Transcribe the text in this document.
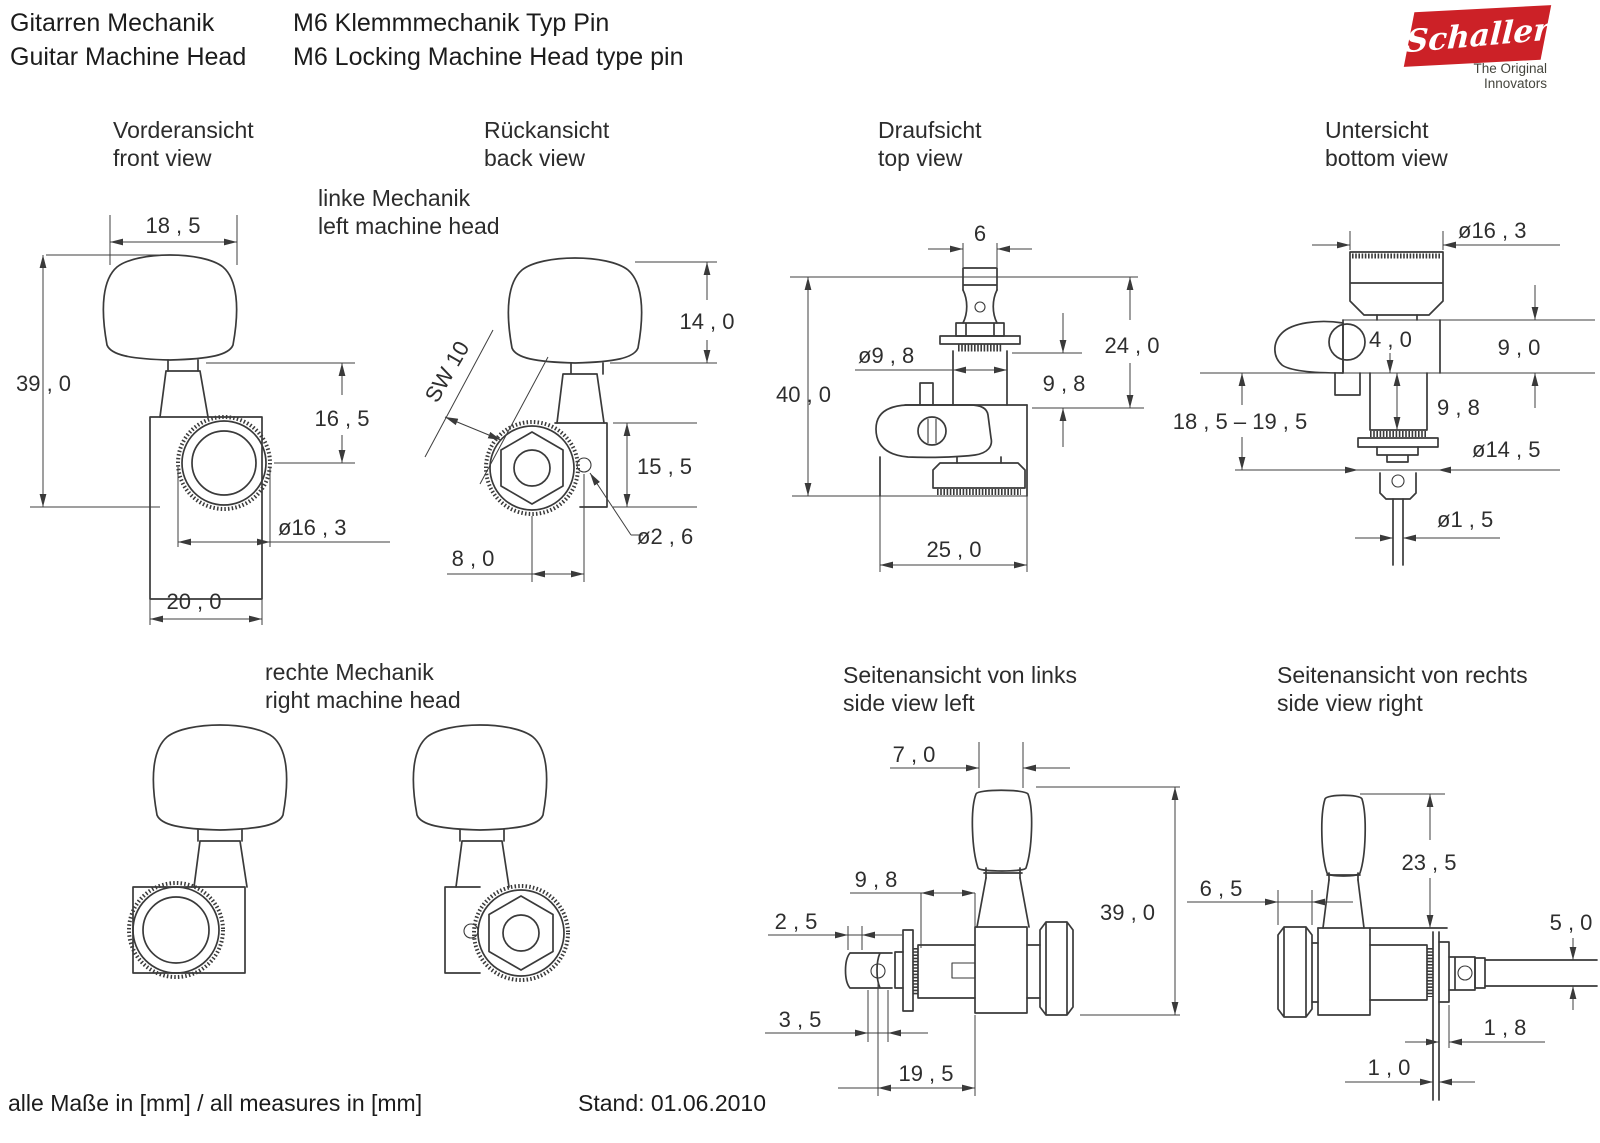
Gitarren Mechanik
Guitar Machine Head
M6 Klemmmechanik Typ Pin
M6 Locking Machine Head type pin	Schaller
The Original Innovators
Vorderansicht
front view
Rückansicht
back view
linke Mechanik
left machine head
Draufsicht
top view
Untersicht
bottom view
rechte Mechanik
right machine head
Seitenansicht von links
side view left
Seitenansicht von rechts
side view right
18 , 5
39 , 0
16 , 5
ø16 , 3
20 , 0
14 , 0
SW 10
15 , 5
ø2 , 6
8 , 0
6
40 , 0
24 , 0
9 , 8
ø9 , 8
25 , 0
ø16 , 3
4 , 0	9 , 0
18 , 5 – 19 , 5
9 , 8
ø14 , 5
ø1 , 5
7 , 0
39 , 0
9 , 8
2 , 5
3 , 5
19 , 5
23 , 5
6 , 5
5 , 0
1 , 8
1 , 0
alle Maße in [mm] / all measures in [mm]	Stand: 01.06.2010
